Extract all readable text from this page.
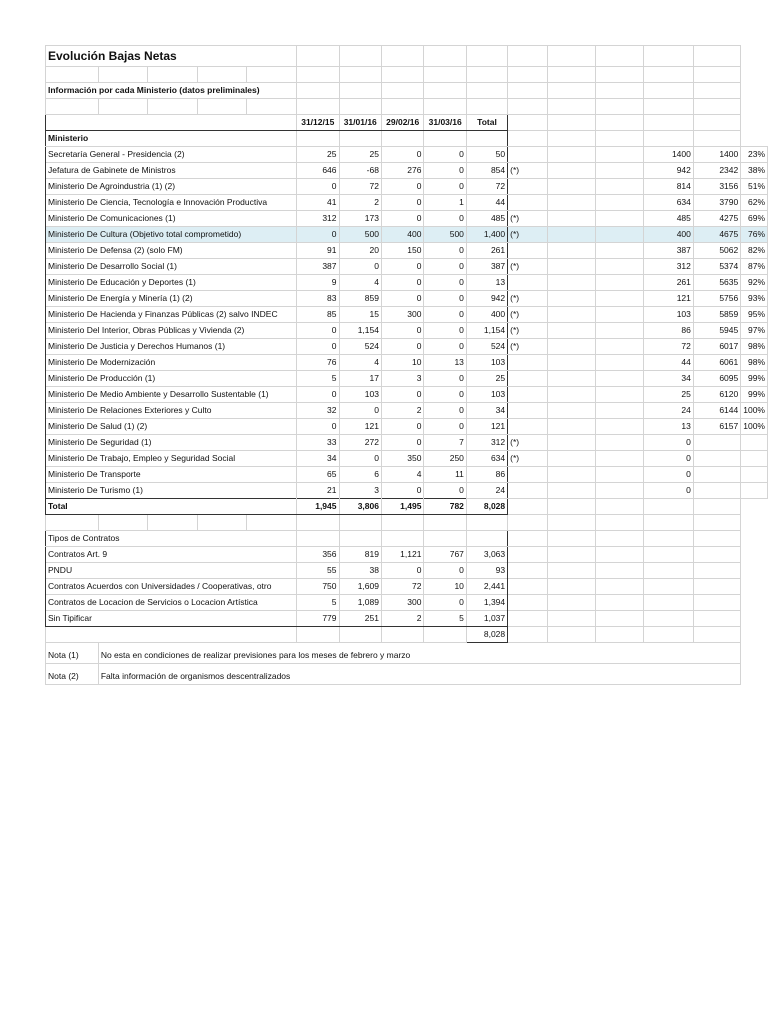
Evolución Bajas Netas															

Información por cada Ministerio (datos preliminales)															

					31/12/15	31/01/16	29/02/16	31/03/16	Total						
Ministerio															
Secretaría General - Presidencia (2)					25	25	0	0	50				1400	1400	23%
Jefatura de Gabinete de Ministros					646	-68	276	0	854	(*)			942	2342	38%
Ministerio De Agroindustria (1) (2)					0	72	0	0	72				814	3156	51%
Ministerio De Ciencia, Tecnología e Innovación Productiva					41	2	0	1	44				634	3790	62%
Ministerio De Comunicaciones (1)					312	173	0	0	485	(*)			485	4275	69%
Ministerio De Cultura (Objetivo total comprometido)					0	500	400	500	1,400	(*)			400	4675	76%
Ministerio De Defensa (2) (solo FM)					91	20	150	0	261				387	5062	82%
Ministerio De Desarrollo Social (1)					387	0	0	0	387	(*)			312	5374	87%
Ministerio De Educación y Deportes (1)					9	4	0	0	13				261	5635	92%
Ministerio De Energía y Minería (1) (2)					83	859	0	0	942	(*)			121	5756	93%
Ministerio De Hacienda y Finanzas Públicas (2) salvo INDEC					85	15	300	0	400	(*)			103	5859	95%
Ministerio Del Interior, Obras Públicas y Vivienda (2)					0	1,154	0	0	1,154	(*)			86	5945	97%
Ministerio De Justicia y Derechos Humanos (1)					0	524	0	0	524	(*)			72	6017	98%
Ministerio De Modernización					76	4	10	13	103				44	6061	98%
Ministerio De Producción (1)					5	17	3	0	25				34	6095	99%
Ministerio De Medio Ambiente y Desarrollo Sustentable (1)					0	103	0	0	103				25	6120	99%
Ministerio De Relaciones Exteriores y Culto					32	0	2	0	34				24	6144	100%
Ministerio De Salud (1) (2)					0	121	0	0	121				13	6157	100%
Ministerio De Seguridad (1)					33	272	0	7	312	(*)			0		
Ministerio De Trabajo, Empleo y Seguridad Social					34	0	350	250	634	(*)			0		
Ministerio De Transporte					65	6	4	11	86				0		
Ministerio De Turismo (1)					21	3	0	0	24				0		
Total					1,945	3,806	1,495	782	8,028						

Tipos de Contratos															
Contratos Art. 9					356	819	1,121	767	3,063						
PNDU					55	38	0	0	93						
Contratos Acuerdos con Universidades / Cooperativas, otro					750	1,609	72	10	2,441						
Contratos de Locacion de Servicios o Locacion Artística					5	1,089	300	0	1,394						
Sin Tipificar					779	251	2	5	1,037						
									8,028						
Nota (1)	No esta en condiciones de realizar previsiones para los meses de febrero y marzo														
Nota (2)	Falta información de organismos descentralizados														
